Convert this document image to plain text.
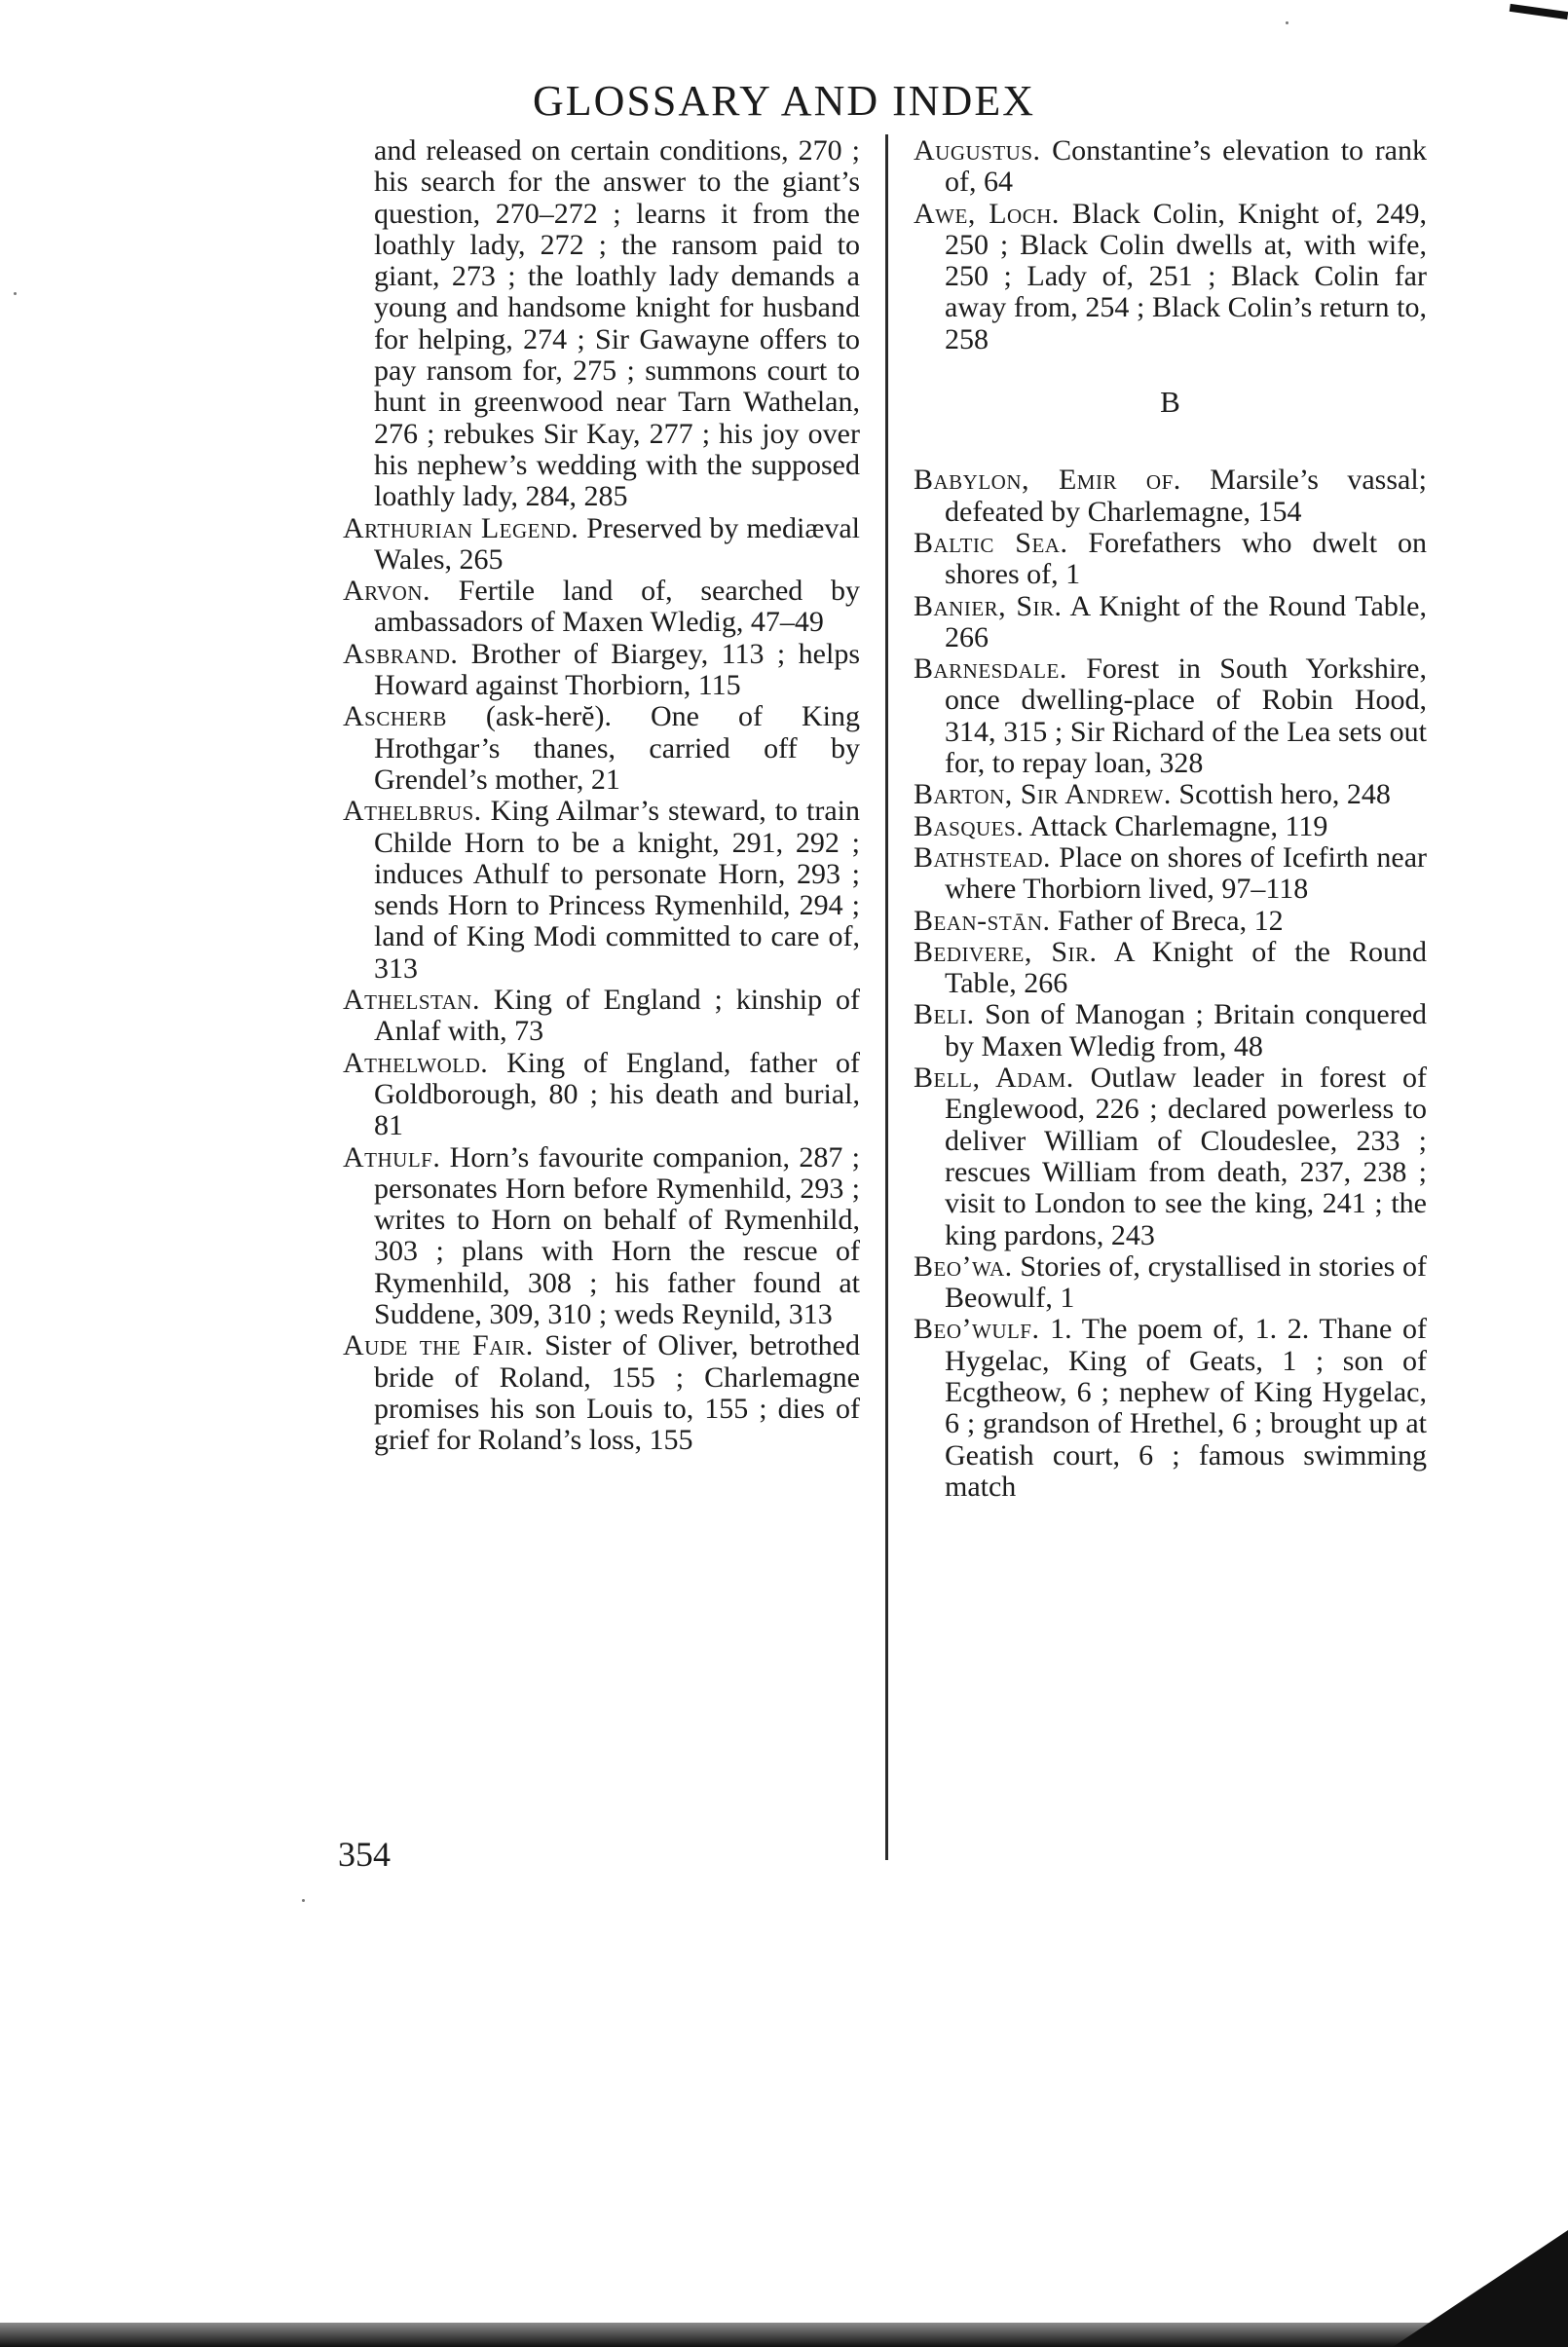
GLOSSARY AND INDEX

and released on certain conditions, 270 ; his search for the answer to the giant’s question, 270–272 ; learns it from the loathly lady, 272 ; the ransom paid to giant, 273 ; the loathly lady demands a young and handsome knight for husband for helping, 274 ; Sir Gawayne offers to pay ransom for, 275 ; summons court to hunt in greenwood near Tarn Wathelan, 276 ; rebukes Sir Kay, 277 ; his joy over his nephew’s wedding with the supposed loathly lady, 284, 285

Arthurian Legend. Preserved by mediæval Wales, 265

Arvon. Fertile land of, searched by ambassadors of Maxen Wledig, 47–49

Asbrand. Brother of Biargey, 113 ; helps Howard against Thorbiorn, 115

Ascherb (ask-herĕ). One of King Hrothgar’s thanes, carried off by Grendel’s mother, 21

Athelbrus. King Ailmar’s steward, to train Childe Horn to be a knight, 291, 292 ; induces Athulf to personate Horn, 293 ; sends Horn to Princess Rymenhild, 294 ; land of King Modi committed to care of, 313

Athelstan. King of England ; kinship of Anlaf with, 73

Athelwold. King of England, father of Goldborough, 80 ; his death and burial, 81

Athulf. Horn’s favourite companion, 287 ; personates Horn before Rymenhild, 293 ; writes to Horn on behalf of Rymenhild, 303 ; plans with Horn the rescue of Rymenhild, 308 ; his father found at Suddene, 309, 310 ; weds Reynild, 313

Aude the Fair. Sister of Oliver, betrothed bride of Roland, 155 ; Charlemagne promises his son Louis to, 155 ; dies of grief for Roland’s loss, 155

Augustus. Constantine’s elevation to rank of, 64

Awe, Loch. Black Colin, Knight of, 249, 250 ; Black Colin dwells at, with wife, 250 ; Lady of, 251 ; Black Colin far away from, 254 ; Black Colin’s return to, 258

B

Babylon, Emir of. Marsile’s vassal; defeated by Charlemagne, 154

Baltic Sea. Forefathers who dwelt on shores of, 1

Banier, Sir. A Knight of the Round Table, 266

Barnesdale. Forest in South Yorkshire, once dwelling-place of Robin Hood, 314, 315 ; Sir Richard of the Lea sets out for, to repay loan, 328

Barton, Sir Andrew. Scottish hero, 248

Basques. Attack Charlemagne, 119

Bathstead. Place on shores of Icefirth near where Thorbiorn lived, 97–118

Bean-stān. Father of Breca, 12

Bedivere, Sir. A Knight of the Round Table, 266

Beli. Son of Manogan ; Britain conquered by Maxen Wledig from, 48

Bell, Adam. Outlaw leader in forest of Englewood, 226 ; declared powerless to deliver William of Cloudeslee, 233 ; rescues William from death, 237, 238 ; visit to London to see the king, 241 ; the king pardons, 243

Beo’wa. Stories of, crystallised in stories of Beowulf, 1

Beo’wulf. 1. The poem of, 1. 2. Thane of Hygelac, King of Geats, 1 ; son of Ecgtheow, 6 ; nephew of King Hygelac, 6 ; grandson of Hrethel, 6 ; brought up at Geatish court, 6 ; famous swimming match

354
